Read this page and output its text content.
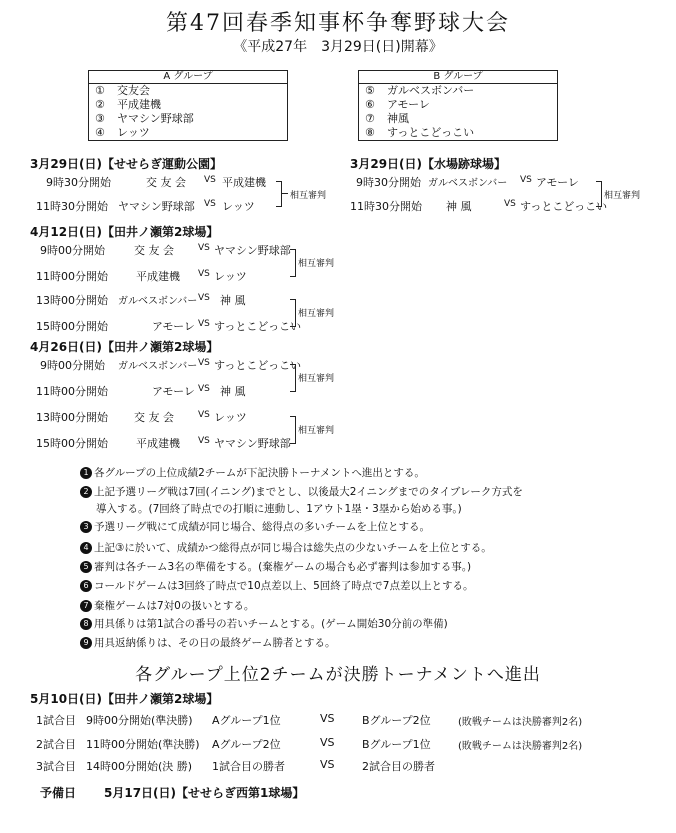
第47回春季知事杯争奪野球大会
《平成27年　3月29日(日)開幕》
A グループ
① 交友会
② 平成建機
③ ヤマシン野球部
④ レッツ
B グループ
⑤ ガルベスボンバー
⑥ アモーレ
⑦ 神風
⑧ すっとこどっこい
3月29日(日)【せせらぎ運動公園】
9時30分開始	交 友 会 VS 平成建機
11時30分開始 ヤマシン野球部 VS レッツ
相互審判
3月29日(日)【水場跡球場】
9時30分開始 ガルベスボンバー VS アモーレ
11時30分開始 神 風	VS すっとこどっこい
相互審判
4月12日(日)【田井ノ瀬第2球場】
9時00分開始	交 友 会	VS ヤマシン野球部
11時00分開始	平成建機 VS レッツ
相互審判
13時00分開始 ガルベスボンバー VS 神 風
15時00分開始	アモーレ VS すっとこどっこい
相互審判
4月26日(日)【田井ノ瀬第2球場】
9時00分開始 ガルベスボンバー VS すっとこどっこい
11時00分開始	アモーレ VS 神 風
相互審判
13時00分開始 交 友 会	VS レッツ
15時00分開始	平成建機 VS ヤマシン野球部
相互審判
1 各グループの上位成績2チームが下記決勝トーナメントへ進出とする。
2 上記予選リーグ戦は7回(イニング)までとし、以後最大2イニングまでのタイブレーク方式を
導入する。(7回終了時点での打順に連動し、1アウト1塁・3塁から始める事。)
3 予選リーグ戦にて成績が同じ場合、総得点の多いチームを上位とする。
4 上記③に於いて、成績かつ総得点が同じ場合は総失点の少ないチームを上位とする。
5 審判は各チーム3名の準備をする。(棄権ゲームの場合も必ず審判は参加する事。)
6 コールドゲームは3回終了時点で10点差以上、5回終了時点で7点差以上とする。
7 棄権ゲームは7対0の扱いとする。
8 用具係りは第1試合の番号の若いチームとする。(ゲーム開始30分前の準備)
9 用具返納係りは、その日の最終ゲーム勝者とする。
各グループ上位2チームが決勝トーナメントへ進出
5月10日(日)【田井ノ瀬第2球場】
1試合目 9時00分開始(準決勝) Aグループ1位	VS Bグループ2位	(敗戦チームは決勝審判2名)
2試合目 11時00分開始(準決勝) Aグループ2位	VS Bグループ1位	(敗戦チームは決勝審判2名)
3試合目 14時00分開始(決 勝) 1試合目の勝者	VS 2試合目の勝者
予備日 5月17日(日)【せせらぎ西第1球場】
